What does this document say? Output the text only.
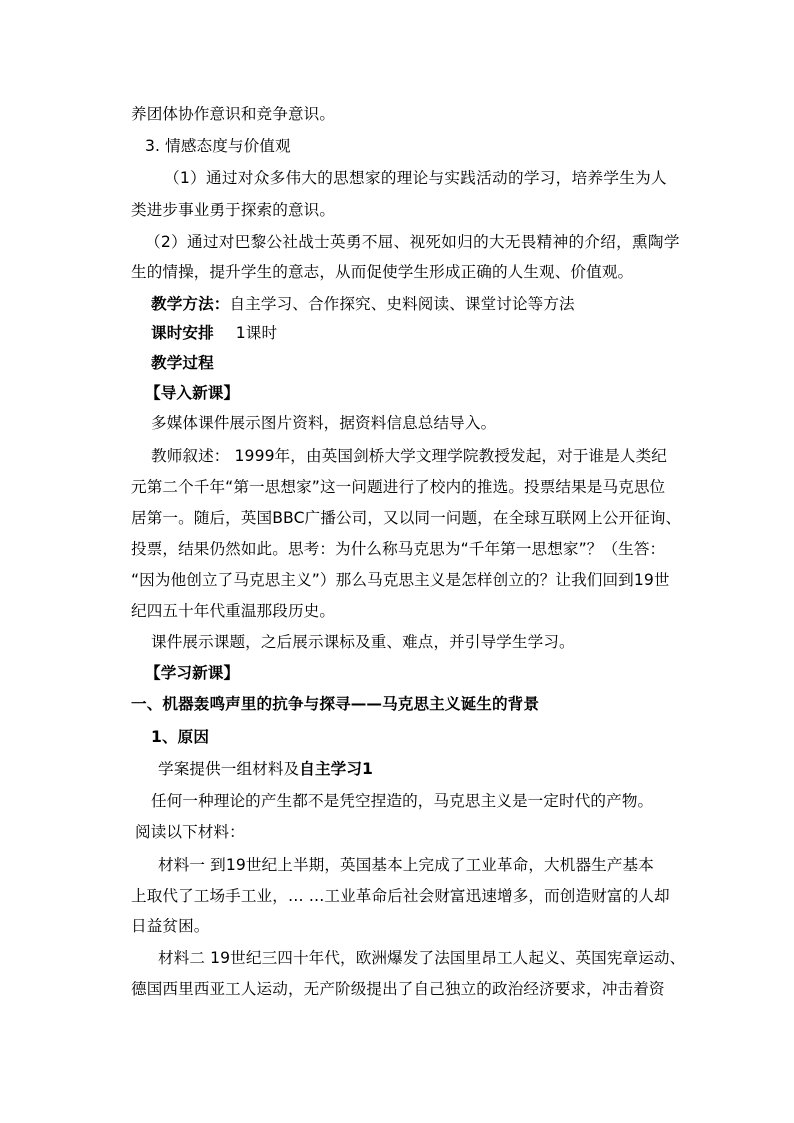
养团体协作意识和竞争意识。
3. 情感态度与价值观
（1）通过对众多伟大的思想家的理论与实践活动的学习，培养学生为人
类进步事业勇于探索的意识。
（2）通过对巴黎公社战士英勇不屈、视死如归的大无畏精神的介绍，熏陶学
生的情操，提升学生的意志，从而促使学生形成正确的人生观、价值观。
教学方法：自主学习、合作探究、史料阅读、课堂讨论等方法
课时安排 1课时
教学过程
【导入新课】
多媒体课件展示图片资料，据资料信息总结导入。
教师叙述： 1999年，由英国剑桥大学文理学院教授发起，对于谁是人类纪
元第二个千年“第一思想家”这一问题进行了校内的推选。投票结果是马克思位
居第一。随后，英国BBC广播公司，又以同一问题，在全球互联网上公开征询、
投票，结果仍然如此。思考：为什么称马克思为“千年第一思想家”？（生答：
“因为他创立了马克思主义”）那么马克思主义是怎样创立的？让我们回到19世
纪四五十年代重温那段历史。
课件展示课题，之后展示课标及重、难点，并引导学生学习。
【学习新课】
一、机器轰鸣声里的抗争与探寻——马克思主义诞生的背景
1、原因
学案提供一组材料及自主学习1
任何一种理论的产生都不是凭空捏造的，马克思主义是一定时代的产物。
阅读以下材料：
材料一 到19世纪上半期，英国基本上完成了工业革命，大机器生产基本
上取代了工场手工业，… …工业革命后社会财富迅速增多，而创造财富的人却
日益贫困。
材料二 19世纪三四十年代，欧洲爆发了法国里昂工人起义、英国宪章运动、
德国西里西亚工人运动，无产阶级提出了自己独立的政治经济要求，冲击着资
